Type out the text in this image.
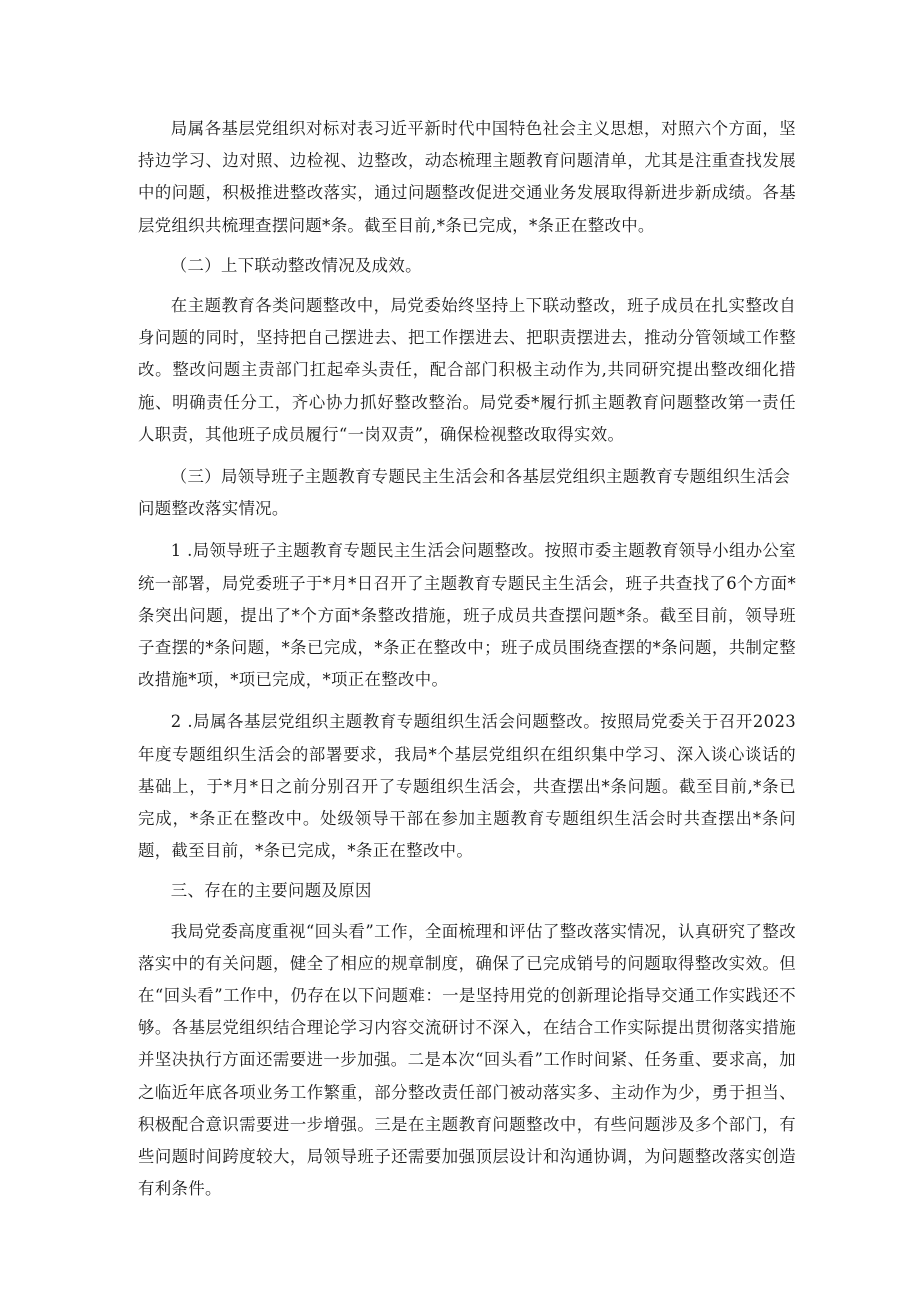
局属各基层党组织对标对表习近平新时代中国特色社会主义思想，对照六个方面，坚持边学习、边对照、边检视、边整改，动态梳理主题教育问题清单，尤其是注重查找发展中的问题，积极推进整改落实，通过问题整改促进交通业务发展取得新进步新成绩。各基层党组织共梳理查摆问题*条。截至目前,*条已完成，*条正在整改中。

（二）上下联动整改情况及成效。

在主题教育各类问题整改中，局党委始终坚持上下联动整改，班子成员在扎实整改自身问题的同时，坚持把自己摆进去、把工作摆进去、把职责摆进去，推动分管领域工作整改。整改问题主责部门扛起牵头责任，配合部门积极主动作为,共同研究提出整改细化措施、明确责任分工，齐心协力抓好整改整治。局党委*履行抓主题教育问题整改第一责任人职责，其他班子成员履行“一岗双责”，确保检视整改取得实效。

（三）局领导班子主题教育专题民主生活会和各基层党组织主题教育专题组织生活会问题整改落实情况。

1 .局领导班子主题教育专题民主生活会问题整改。按照市委主题教育领导小组办公室统一部署，局党委班子于*月*日召开了主题教育专题民主生活会，班子共查找了6个方面*条突出问题，提出了*个方面*条整改措施，班子成员共查摆问题*条。截至目前，领导班子查摆的*条问题，*条已完成，*条正在整改中；班子成员围绕查摆的*条问题，共制定整改措施*项，*项已完成，*项正在整改中。

2 .局属各基层党组织主题教育专题组织生活会问题整改。按照局党委关于召开2023年度专题组织生活会的部署要求，我局*个基层党组织在组织集中学习、深入谈心谈话的基础上，于*月*日之前分别召开了专题组织生活会，共查摆出*条问题。截至目前,*条已完成，*条正在整改中。处级领导干部在参加主题教育专题组织生活会时共查摆出*条问题，截至目前，*条已完成，*条正在整改中。

三、存在的主要问题及原因

我局党委高度重视“回头看”工作，全面梳理和评估了整改落实情况，认真研究了整改落实中的有关问题，健全了相应的规章制度，确保了已完成销号的问题取得整改实效。但在“回头看”工作中，仍存在以下问题难：一是坚持用党的创新理论指导交通工作实践还不够。各基层党组织结合理论学习内容交流研讨不深入，在结合工作实际提出贯彻落实措施并坚决执行方面还需要进一步加强。二是本次“回头看”工作时间紧、任务重、要求高，加之临近年底各项业务工作繁重，部分整改责任部门被动落实多、主动作为少，勇于担当、积极配合意识需要进一步增强。三是在主题教育问题整改中，有些问题涉及多个部门，有些问题时间跨度较大，局领导班子还需要加强顶层设计和沟通协调，为问题整改落实创造有利条件。
